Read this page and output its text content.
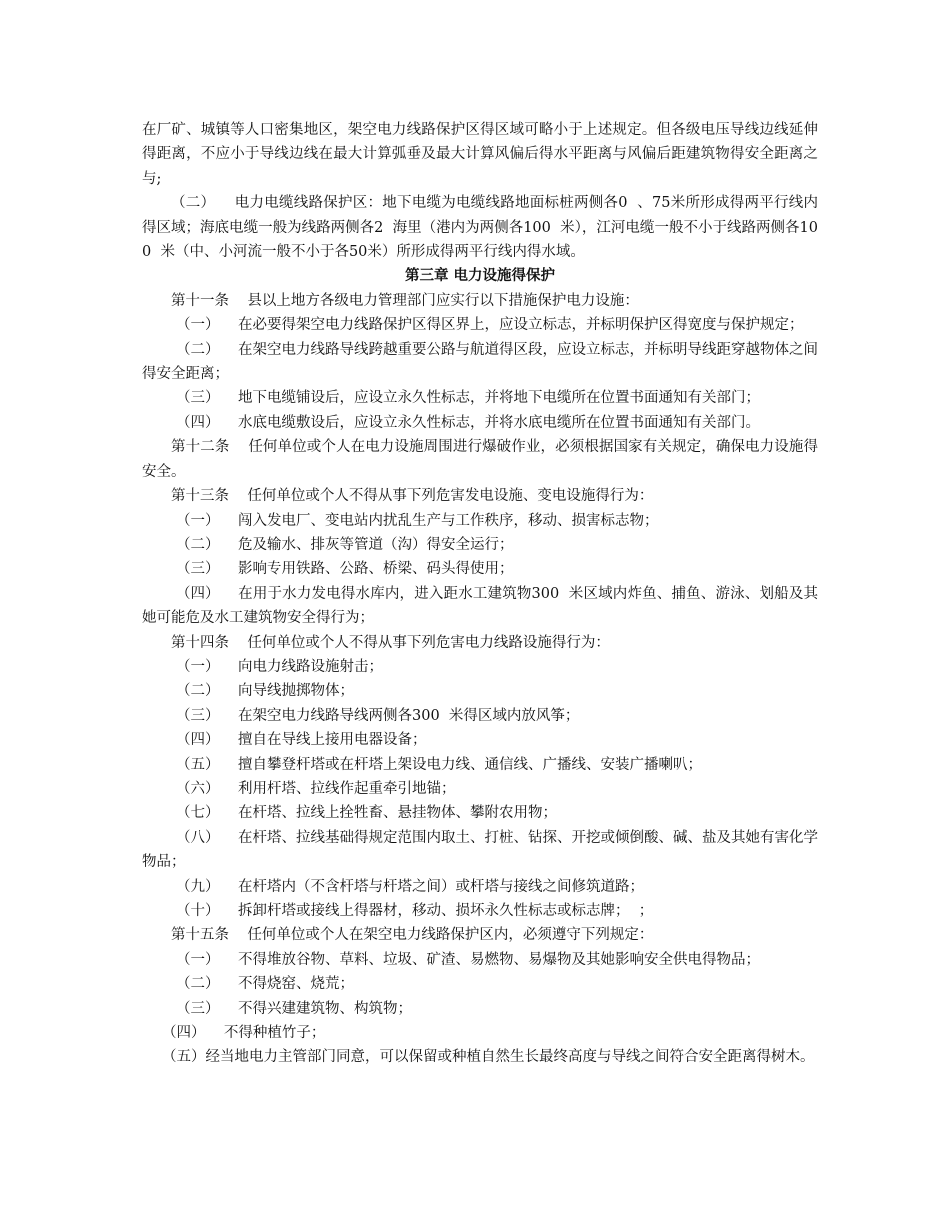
在厂矿、城镇等人口密集地区，架空电力线路保护区得区域可略小于上述规定。但各级电压导线边线延伸得距离，不应小于导线边线在最大计算弧垂及最大计算风偏后得水平距离与风偏后距建筑物得安全距离之与;

（二）    电力电缆线路保护区：地下电缆为电缆线路地面标桩两侧各0  、75米所形成得两平行线内得区域；海底电缆一般为线路两侧各2  海里（港内为两侧各100  米），江河电缆一般不小于线路两侧各100  米（中、小河流一般不小于各50米）所形成得两平行线内得水域。

第三章 电力设施得保护

第十一条    县以上地方各级电力管理部门应实行以下措施保护电力设施：

（一） 在必要得架空电力线路保护区得区界上，应设立标志，并标明保护区得宽度与保护规定；

（二） 在架空电力线路导线跨越重要公路与航道得区段，应设立标志，并标明导线距穿越物体之间得安全距离；

（三） 地下电缆铺设后，应设立永久性标志，并将地下电缆所在位置书面通知有关部门；

（四） 水底电缆敷设后，应设立永久性标志，并将水底电缆所在位置书面通知有关部门。

第十二条    任何单位或个人在电力设施周围进行爆破作业，必须根据国家有关规定，确保电力设施得安全。

第十三条    任何单位或个人不得从事下列危害发电设施、变电设施得行为：

（一） 闯入发电厂、变电站内扰乱生产与工作秩序，移动、损害标志物；

（二） 危及输水、排灰等管道（沟）得安全运行；

（三） 影响专用铁路、公路、桥梁、码头得使用；

（四） 在用于水力发电得水库内，进入距水工建筑物300  米区域内炸鱼、捕鱼、游泳、划船及其她可能危及水工建筑物安全得行为；

第十四条    任何单位或个人不得从事下列危害电力线路设施得行为：

（一） 向电力线路设施射击；

（二） 向导线抛掷物体；

（三） 在架空电力线路导线两侧各300  米得区域内放风筝；

（四） 擅自在导线上接用电器设备；

（五） 擅自攀登杆塔或在杆塔上架设电力线、通信线、广播线、安装广播喇叭；

（六） 利用杆塔、拉线作起重牵引地锚；

（七） 在杆塔、拉线上拴牲畜、悬挂物体、攀附农用物；

（八） 在杆塔、拉线基础得规定范围内取土、打桩、钻探、开挖或倾倒酸、碱、盐及其她有害化学物品；

（九） 在杆塔内（不含杆塔与杆塔之间）或杆塔与接线之间修筑道路；

（十） 拆卸杆塔或接线上得器材，移动、损坏永久性标志或标志牌；  ；

第十五条    任何单位或个人在架空电力线路保护区内，必须遵守下列规定：

（一） 不得堆放谷物、草料、垃圾、矿渣、易燃物、易爆物及其她影响安全供电得物品；

（二） 不得烧窑、烧荒；

（三） 不得兴建建筑物、构筑物；

（四）    不得种植竹子；

（五）经当地电力主管部门同意，可以保留或种植自然生长最终高度与导线之间符合安全距离得树木。
